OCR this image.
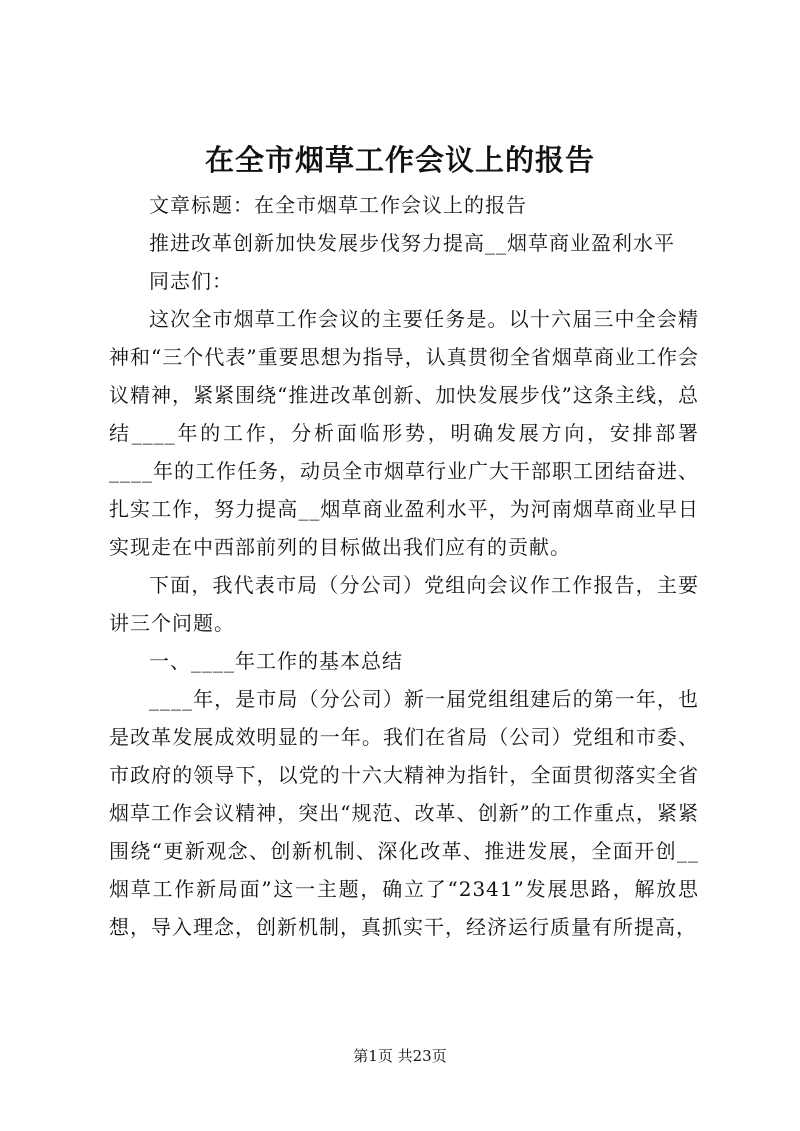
在全市烟草工作会议上的报告

文章标题：在全市烟草工作会议上的报告

推进改革创新加快发展步伐努力提高__烟草商业盈利水平

同志们：

这次全市烟草工作会议的主要任务是。以十六届三中全会精神和“三个代表”重要思想为指导，认真贯彻全省烟草商业工作会议精神，紧紧围绕“推进改革创新、加快发展步伐”这条主线，总结____年的工作，分析面临形势，明确发展方向，安排部署____年的工作任务，动员全市烟草行业广大干部职工团结奋进、扎实工作，努力提高__烟草商业盈利水平，为河南烟草商业早日实现走在中西部前列的目标做出我们应有的贡献。

下面，我代表市局（分公司）党组向会议作工作报告，主要讲三个问题。

一、____年工作的基本总结

____年，是市局（分公司）新一届党组组建后的第一年，也是改革发展成效明显的一年。我们在省局（公司）党组和市委、市政府的领导下，以党的十六大精神为指针，全面贯彻落实全省烟草工作会议精神，突出“规范、改革、创新”的工作重点，紧紧围绕“更新观念、创新机制、深化改革、推进发展，全面开创__烟草工作新局面”这一主题，确立了“2341”发展思路，解放思想，导入理念，创新机制，真抓实干，经济运行质量有所提高，

第1页 共23页
